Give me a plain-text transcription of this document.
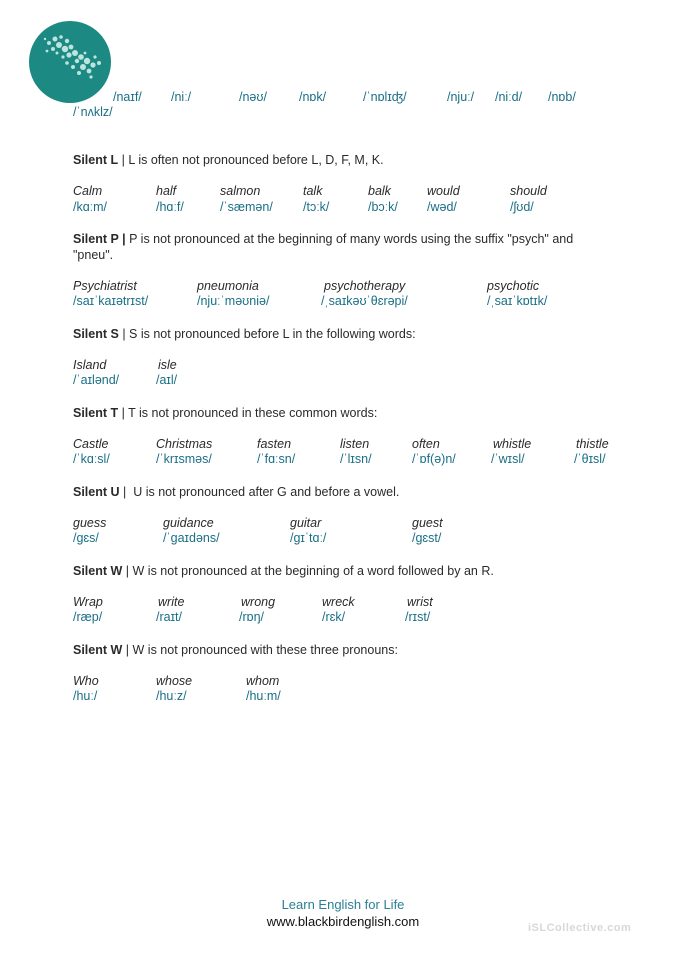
/naɪf/ /niː/	/nəʊ/	/nɒk/	/ˈnɒlɪʤ/	/njuː/ /niːd/ /nɒb/
/ˈnʌklz/
Silent L | L is often not pronounced before L, D, F, M, K.
Calm	half	salmon	talk	balk	would	should
/kɑːm/	/hɑːf/	/ˈsæmən/ /tɔːk/	/bɔːk/ /wəd/	/ʃʊd/
Silent P | P is not pronounced at the beginning of many words using the suffix "psych" and "pneu".
Psychiatrist	pneumonia	psychotherapy	psychotic
/saɪˈkaɪətrɪst/	/njuːˈməʊniə/	/ˌsaɪkəʊˈθɛrəpi/	/ˌsaɪˈkɒtɪk/
Silent S | S is not pronounced before L in the following words:
Island	isle
/ˈaɪlənd/	/aɪl/
Silent T | T is not pronounced in these common words:
Castle	Christmas	fasten	listen	often	whistle	thistle
/ˈkɑːsl/	/ˈkrɪsməs/	/ˈfɑːsn/	/ˈlɪsn/	/ˈɒf(ə)n/	/ˈwɪsl/	/ˈθɪsl/
Silent U |  U is not pronounced after G and before a vowel.
guess	guidance	guitar	guest
/gɛs/	/ˈgaɪdəns/	/gɪˈtɑː/	/gɛst/
Silent W | W is not pronounced at the beginning of a word followed by an R.
Wrap	write	wrong	wreck	wrist
/ræp/	/raɪt/	/rɒŋ/	/rɛk/	/rɪst/
Silent W | W is not pronounced with these three pronouns:
Who	whose	whom
/huː/	/huːz/	/huːm/
Learn English for Life
www.blackbirdenglish.com	iSLCollective.com
